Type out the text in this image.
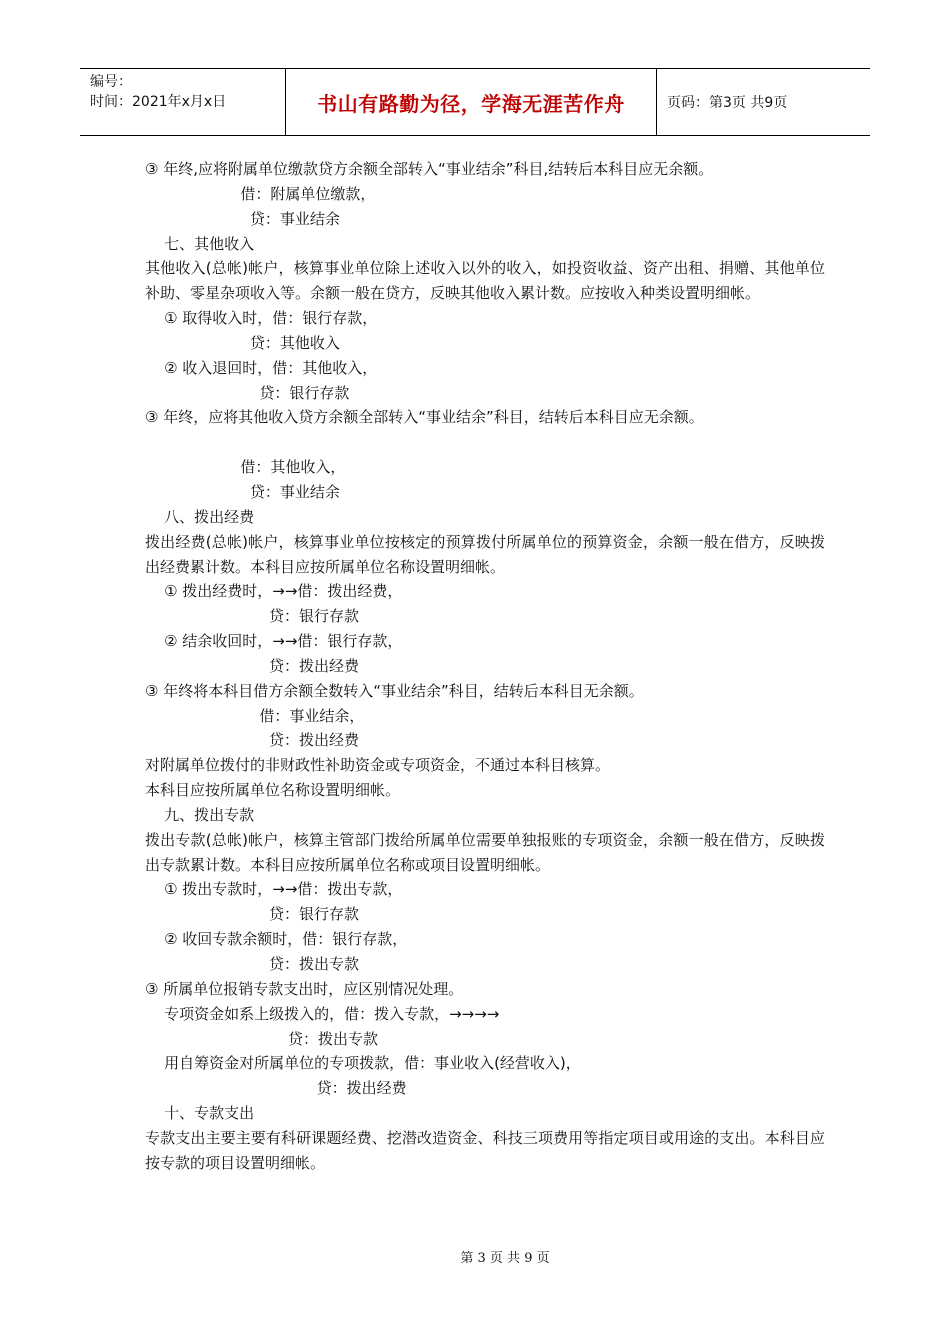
编号：
时间：2021年x月x日	书山有路勤为径，学海无涯苦作舟	页码：第3页 共9页
③ 年终,应将附属单位缴款贷方余额全部转入“事业结余”科目,结转后本科目应无余额。
借：附属单位缴款，
贷：事业结余
七、其他收入
其他收入(总帐)帐户，核算事业单位除上述收入以外的收入，如投资收益、资产出租、捐赠、其他单位补助、零星杂项收入等。余额一般在贷方，反映其他收入累计数。应按收入种类设置明细帐。
① 取得收入时，借：银行存款，
贷：其他收入
② 收入退回时，借：其他收入，
贷：银行存款
③ 年终，应将其他收入贷方余额全部转入“事业结余”科目，结转后本科目应无余额。
借：其他收入，
贷：事业结余
八、拨出经费
拨出经费(总帐)帐户，核算事业单位按核定的预算拨付所属单位的预算资金，余额一般在借方，反映拨出经费累计数。本科目应按所属单位名称设置明细帐。
① 拨出经费时，→→借：拨出经费，
贷：银行存款
② 结余收回时，→→借：银行存款，
贷：拨出经费
③ 年终将本科目借方余额全数转入“事业结余”科目，结转后本科目无余额。
借：事业结余，
贷：拨出经费
对附属单位拨付的非财政性补助资金或专项资金，不通过本科目核算。
本科目应按所属单位名称设置明细帐。
九、拨出专款
拨出专款(总帐)帐户，核算主管部门拨给所属单位需要单独报账的专项资金，余额一般在借方，反映拨出专款累计数。本科目应按所属单位名称或项目设置明细帐。
① 拨出专款时，→→借：拨出专款，
贷：银行存款
② 收回专款余额时，借：银行存款，
贷：拨出专款
③ 所属单位报销专款支出时，应区别情况处理。
专项资金如系上级拨入的，借：拨入专款，→→→→
贷：拨出专款
用自筹资金对所属单位的专项拨款，借：事业收入(经营收入)，
贷：拨出经费
十、专款支出
专款支出主要主要有科研课题经费、挖潜改造资金、科技三项费用等指定项目或用途的支出。本科目应按专款的项目设置明细帐。
第 3 页 共 9 页
